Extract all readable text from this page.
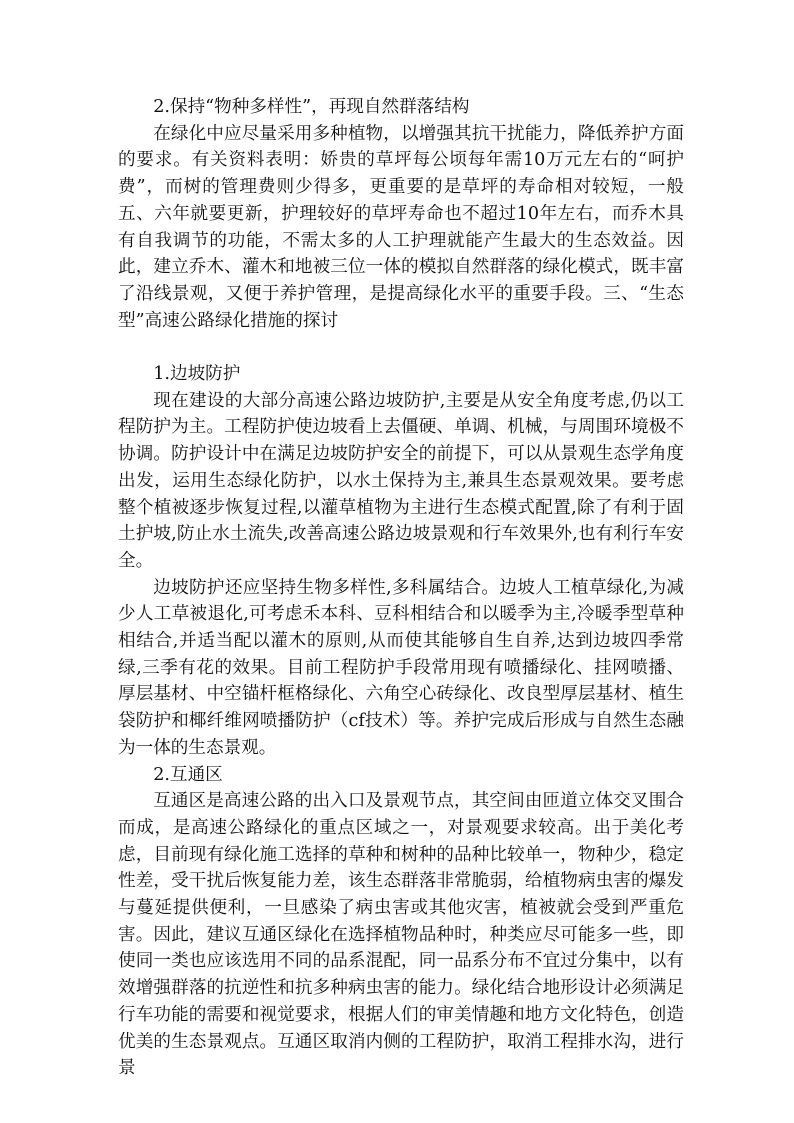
2.保持“物种多样性”，再现自然群落结构

在绿化中应尽量采用多种植物，以增强其抗干扰能力，降低养护方面的要求。有关资料表明：娇贵的草坪每公顷每年需10万元左右的“呵护费”，而树的管理费则少得多，更重要的是草坪的寿命相对较短，一般五、六年就要更新，护理较好的草坪寿命也不超过10年左右，而乔木具有自我调节的功能，不需太多的人工护理就能产生最大的生态效益。因此，建立乔木、灌木和地被三位一体的模拟自然群落的绿化模式，既丰富了沿线景观，又便于养护管理，是提高绿化水平的重要手段。三、“生态型”高速公路绿化措施的探讨

1.边坡防护

现在建设的大部分高速公路边坡防护,主要是从安全角度考虑,仍以工程防护为主。工程防护使边坡看上去僵硬、单调、机械，与周围环境极不协调。防护设计中在满足边坡防护安全的前提下，可以从景观生态学角度出发，运用生态绿化防护，以水土保持为主,兼具生态景观效果。要考虑整个植被逐步恢复过程,以灌草植物为主进行生态模式配置,除了有利于固土护坡,防止水土流失,改善高速公路边坡景观和行车效果外,也有利行车安全。

边坡防护还应坚持生物多样性,多科属结合。边坡人工植草绿化,为减少人工草被退化,可考虑禾本科、豆科相结合和以暖季为主,冷暖季型草种相结合,并适当配以灌木的原则,从而使其能够自生自养,达到边坡四季常绿,三季有花的效果。目前工程防护手段常用现有喷播绿化、挂网喷播、厚层基材、中空锚杆框格绿化、六角空心砖绿化、改良型厚层基材、植生袋防护和椰纤维网喷播防护（cf技术）等。养护完成后形成与自然生态融为一体的生态景观。

2.互通区

互通区是高速公路的出入口及景观节点，其空间由匝道立体交叉围合而成，是高速公路绿化的重点区域之一，对景观要求较高。出于美化考虑，目前现有绿化施工选择的草种和树种的品种比较单一，物种少，稳定性差，受干扰后恢复能力差，该生态群落非常脆弱，给植物病虫害的爆发与蔓延提供便利，一旦感染了病虫害或其他灾害，植被就会受到严重危害。因此，建议互通区绿化在选择植物品种时，种类应尽可能多一些，即使同一类也应该选用不同的品系混配，同一品系分布不宜过分集中，以有效增强群落的抗逆性和抗多种病虫害的能力。绿化结合地形设计必须满足行车功能的需要和视觉要求，根据人们的审美情趣和地方文化特色，创造优美的生态景观点。互通区取消内侧的工程防护，取消工程排水沟，进行景
